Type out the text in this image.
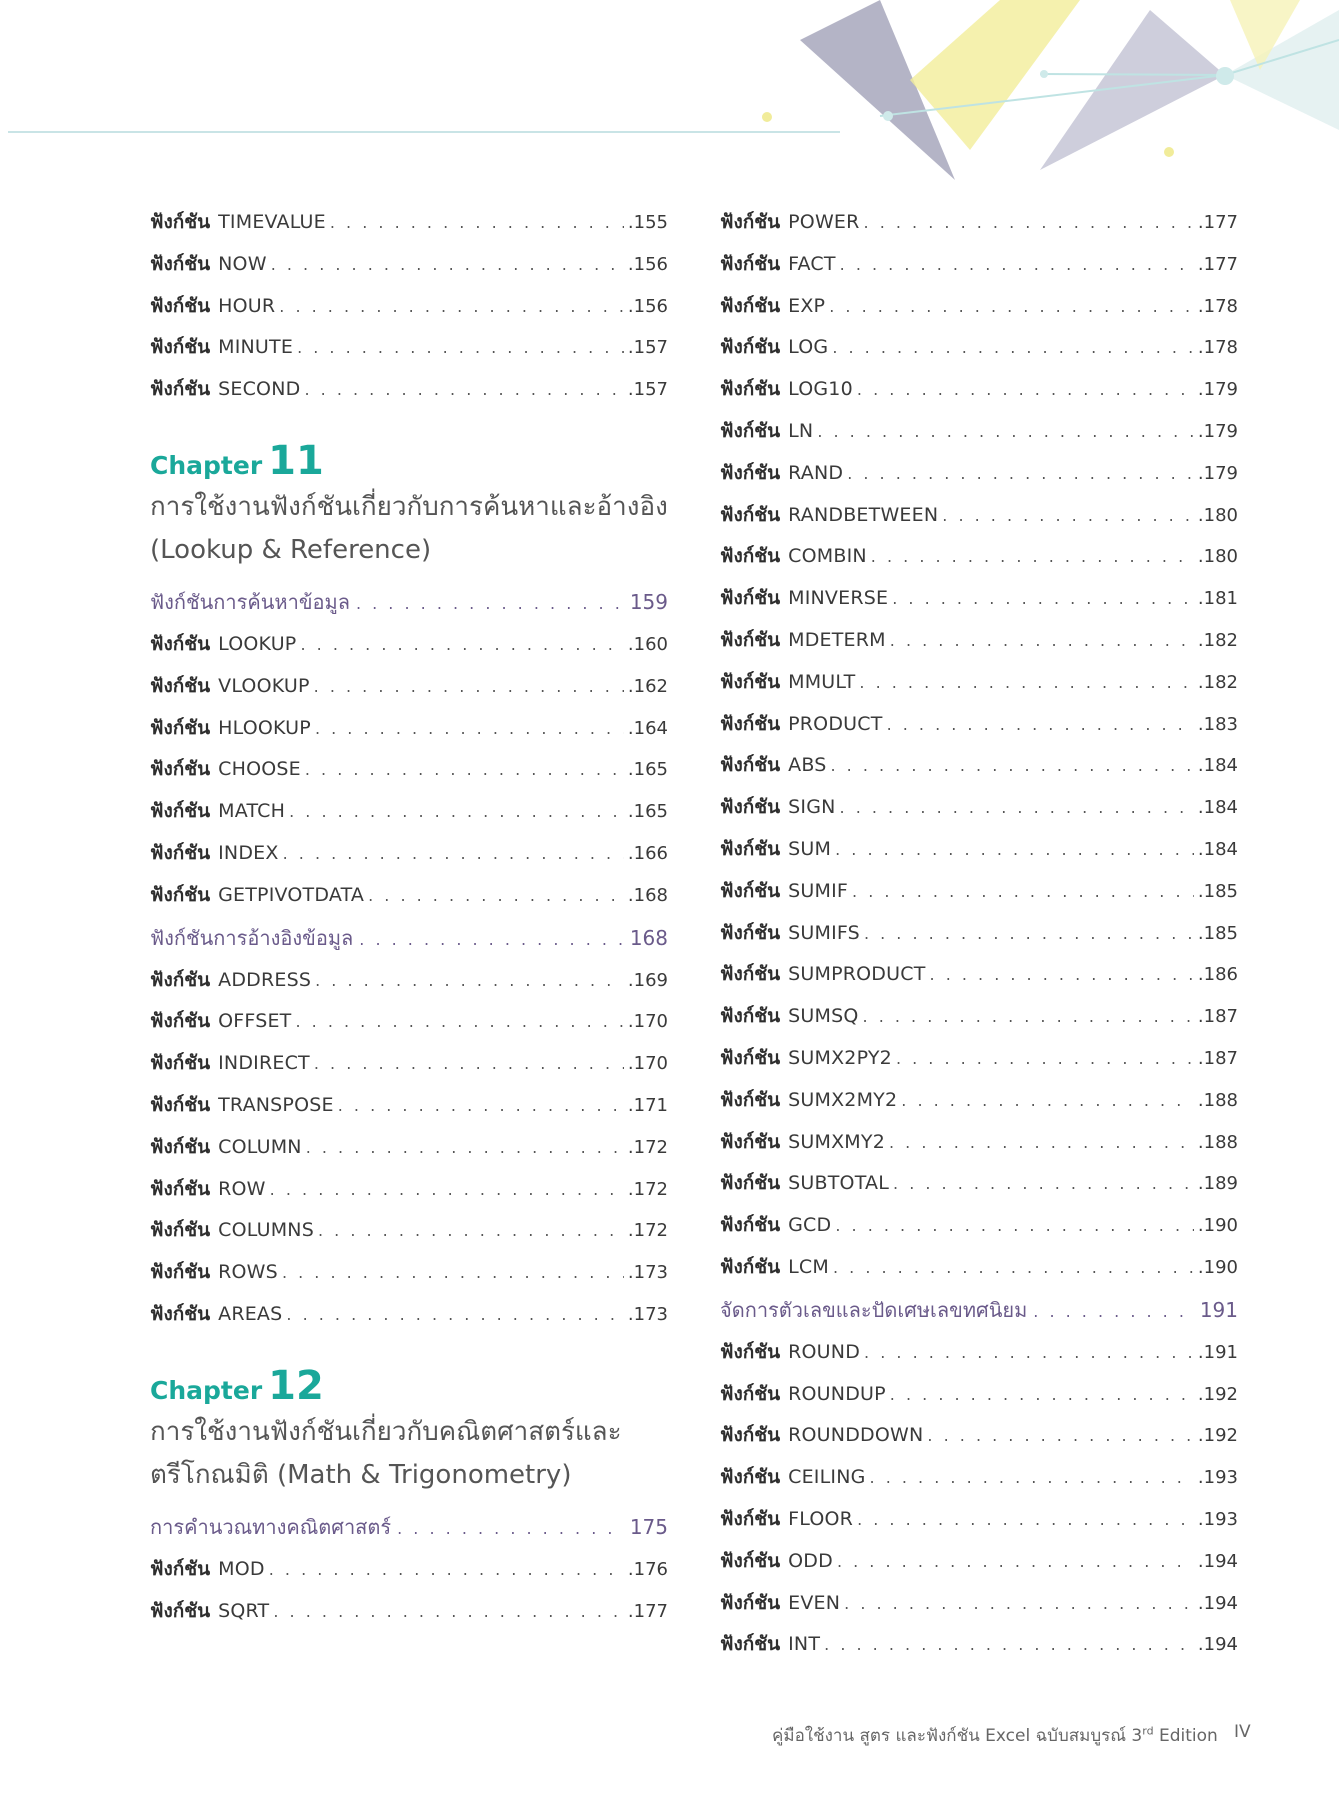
ฟังก์ชัน TIMEVALUE . . .	.155
ฟังก์ชัน NOW . . .	.156
ฟังก์ชัน HOUR . . .	.156
ฟังก์ชัน MINUTE . . .	.157
ฟังก์ชัน SECOND . . .	.157
Chapter 11
การใช้งานฟังก์ชันเกี่ยวกับการค้นหาและอ้างอิง
(Lookup & Reference)
ฟังก์ชันการค้นหาข้อมูล . . .	159
ฟังก์ชัน LOOKUP . . .	.160
ฟังก์ชัน VLOOKUP . . .	.162
ฟังก์ชัน HLOOKUP . . .	.164
ฟังก์ชัน CHOOSE . . .	.165
ฟังก์ชัน MATCH . . .	.165
ฟังก์ชัน INDEX . . .	.166
ฟังก์ชัน GETPIVOTDATA . . .	.168
ฟังก์ชันการอ้างอิงข้อมูล . . .	168
ฟังก์ชัน ADDRESS . . .	.169
ฟังก์ชัน OFFSET . . .	.170
ฟังก์ชัน INDIRECT . . .	.170
ฟังก์ชัน TRANSPOSE . . .	.171
ฟังก์ชัน COLUMN . . .	.172
ฟังก์ชัน ROW . . .	.172
ฟังก์ชัน COLUMNS . . .	.172
ฟังก์ชัน ROWS . . .	.173
ฟังก์ชัน AREAS . . .	.173
Chapter 12
การใช้งานฟังก์ชันเกี่ยวกับคณิตศาสตร์และ
ตรีโกณมิติ (Math & Trigonometry)
การคำนวณทางคณิตศาสตร์ . . .	175
ฟังก์ชัน MOD . . .	.176
ฟังก์ชัน SQRT . . .	.177
ฟังก์ชัน POWER . . .	.177
ฟังก์ชัน FACT . . .	.177
ฟังก์ชัน EXP . . .	.178
ฟังก์ชัน LOG . . .	.178
ฟังก์ชัน LOG10 . . .	.179
ฟังก์ชัน LN . . .	.179
ฟังก์ชัน RAND . . .	.179
ฟังก์ชัน RANDBETWEEN . . .	.180
ฟังก์ชัน COMBIN . . .	.180
ฟังก์ชัน MINVERSE . . .	.181
ฟังก์ชัน MDETERM . . .	.182
ฟังก์ชัน MMULT . . .	.182
ฟังก์ชัน PRODUCT . . .	.183
ฟังก์ชัน ABS . . .	.184
ฟังก์ชัน SIGN . . .	.184
ฟังก์ชัน SUM . . .	.184
ฟังก์ชัน SUMIF . . .	.185
ฟังก์ชัน SUMIFS . . .	.185
ฟังก์ชัน SUMPRODUCT . . .	.186
ฟังก์ชัน SUMSQ . . .	.187
ฟังก์ชัน SUMX2PY2 . . .	.187
ฟังก์ชัน SUMX2MY2 . . .	.188
ฟังก์ชัน SUMXMY2 . . .	.188
ฟังก์ชัน SUBTOTAL . . .	.189
ฟังก์ชัน GCD . . .	.190
ฟังก์ชัน LCM . . .	.190
จัดการตัวเลขและปัดเศษเลขทศนิยม . . .	191
ฟังก์ชัน ROUND . . .	.191
ฟังก์ชัน ROUNDUP . . .	.192
ฟังก์ชัน ROUNDDOWN . . .	.192
ฟังก์ชัน CEILING . . .	.193
ฟังก์ชัน FLOOR . . .	.193
ฟังก์ชัน ODD . . .	.194
ฟังก์ชัน EVEN . . .	.194
ฟังก์ชัน INT . . .	.194
คู่มือใช้งาน สูตร และฟังก์ชัน Excel ฉบับสมบูรณ์ 3rd Edition IV
